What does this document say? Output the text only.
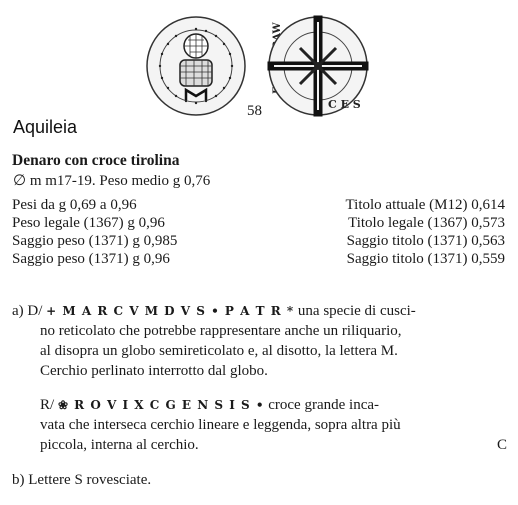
C E S
58
Aquileia
Denaro con croce tirolina
∅ m m17-19. Peso medio g 0,76
Pesi da g 0,69 a 0,96
Peso legale (1367) g 0,96
Saggio peso (1371) g 0,985
Saggio peso (1371) g 0,96
Titolo attuale (M12) 0,614
Titolo legale (1367) 0,573
Saggio titolo (1371) 0,563
Saggio titolo (1371) 0,559
a) D/ + M A R C V M D V S • P A T R * una specie di cusci-
no reticolato che potrebbe rappresentare anche un riliquario,
al disopra un globo semireticolato e, al disotto, la lettera M.
Cerchio perlinato interrotto dal globo.
R/ ❀ R O V I X C G E N S I S • croce grande inca-
vata che interseca cerchio lineare e leggenda, sopra altra più
piccola, interna al cerchio.	C
b) Lettere S rovesciate.
